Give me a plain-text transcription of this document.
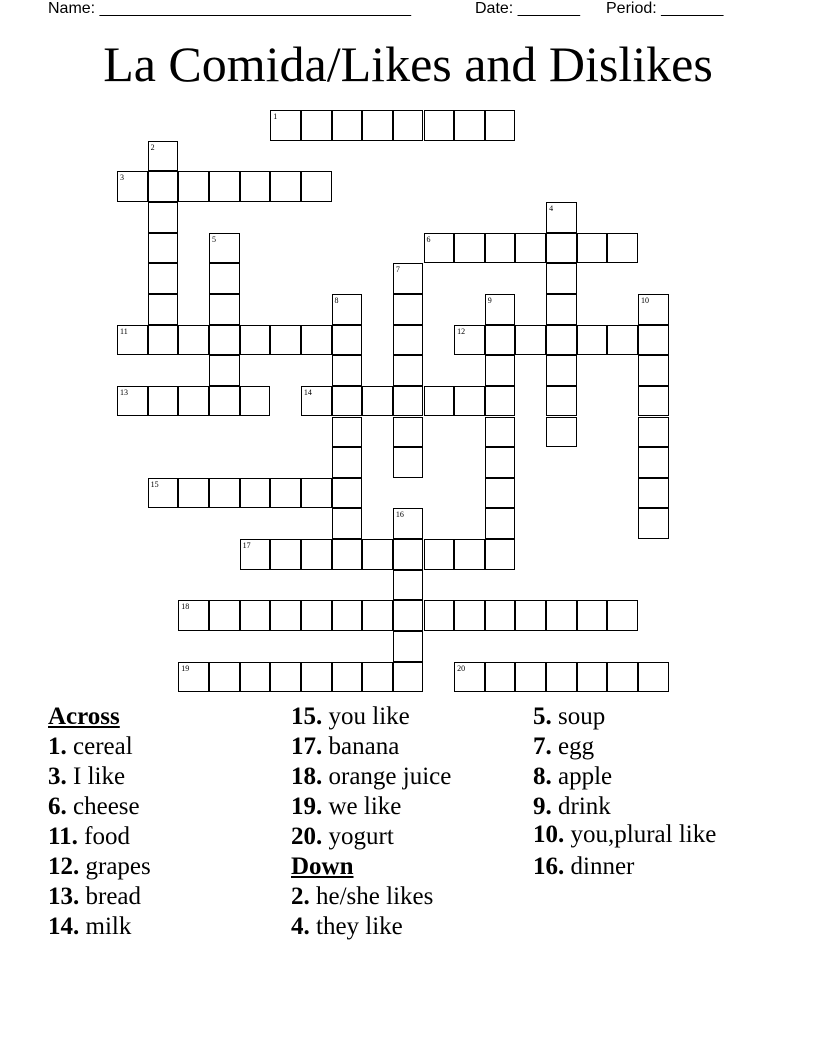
Name: ___________________________________	Date: _______ Period: _______
La Comida/Likes and Dislikes
1
3
6
11	12
13	14
15
17
18
19	20
2
4
5
7
8	9	10
16
Across
1. cereal
3. I like
6. cheese
11. food
12. grapes
13. bread
14. milk
15. you like
17. banana
18. orange juice
19. we like
20. yogurt
Down
2. he/she likes
4. they like
5. soup
7. egg
8. apple
9. drink
10. you,plural like
16. dinner
